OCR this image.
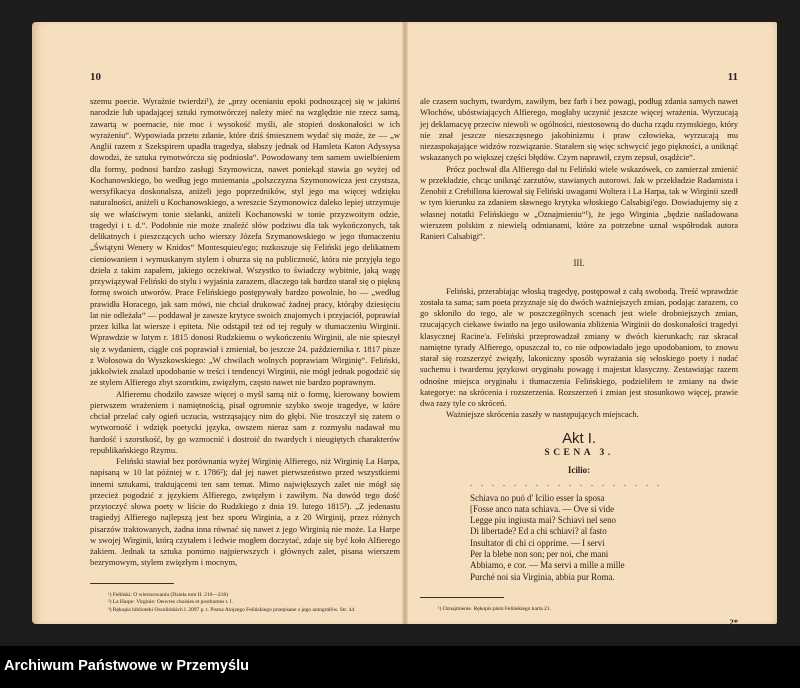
10

szemu poecie. Wyraźnie twierdzi¹), że „przy ocenianiu epoki podnoszącej się w jakimś narodzie lub upadającej sztuki rymotwórczej należy mieć na względzie nie rzecz samą, zawartą w poemacie, nie moc i wysokość myśli, ale stopień doskonałości w ich wyrażeniu“. Wypowiada przeto zdanie, które dziś śmiesznem wydać się może, że — „w Anglii razem z Szekspirem upadła tragedya, słabszy jednak od Hamleta Katon Adyssysa dowodzi, że sztuka rymotwórcza się podniosła“. Powodowany tem samem uwielbieniem dla formy, podnosi bardzo zasługi Szymowicza, nawet poniekąd stawia go wyżej od Kochanowskiego, bo według jego mniemania „polszczyzna Szymonowicza jest czystsza, wersyfikacya doskonalsza, aniżeli jego poprzedników, styl jego ma więcej wdzięku naturalności, aniżeli u Kochanowskiego, a wreszcie Szymonowicz daleko lepiej utrzymuje się we właściwym tonie sielanki, aniżeli Kochanowski w tonie przyzwoitym odzie, tragedyi i t. d.“. Podobnie nie może znaleźć słów podziwu dla tak wykończonych, tak delikatnych i pieszczących ucho wierszy Józefa Szymanowskiego w jego tłumaczeniu „Świątyni Wenery w Knidos“ Montesquieu'ego; rozkoszuje się Feliński jego delikatnem cieniowaniem i wymuskanym stylem i oburza się na publiczność, która nie przyjęła tego dzieła z takim zapałem, jakiego oczekiwał. Wszystko to świadczy wybitnie, jaką wagę przywiązywał Feliński do stylu i wyjaśnia zarazem, dlaczego tak bardzo starał się o piękną formę swoich utworów. Prace Felińskiego postępywały bardzo powolnie, bo — „według prawidła Horacego, jak sam mówi, nie chciał drukować żadnej pracy, którąby dziesięciu lat nie odleżała“ — poddawał je zawsze krytyce swoich znajomych i przyjaciół, poprawiał przez kilka lat wiersze i epiteta. Nie odstąpił też od tej reguły w tłumaczeniu Wirginii. Wprawdzie w lutym r. 1815 donosi Rudzkiemu o wykończeniu Wirginii, ale nie spieszył się z wydaniem, ciągle coś poprawiał i zmieniał, bo jeszcze 24. października r. 1817 pisze z Wołosowa do Wyszkowskiego: „W chwilach wolnych poprawiam Wirginię“. Feliński, jakkolwiek znalazł upodobanie w treści i tendencyi Wirginii, nie mógł jednak pogodzić się ze stylem Alfierego zbyt szorstkim, zwięzłym, często nawet nie bardzo poprawnym.

Alfieremu chodziło zawsze więcej o myśl samą niż o formę, kierowany bowiem pierwszem wrażeniem i namiętnością, pisał ogromnie szybko swoje tragedye, w które chciał przelać cały ogień uczucia, wstrząsający nim do głębi. Nie troszczył się zatem o wytworność i wdzięk poetycki języka, owszem nieraz sam z rozmysłu nadawał mu hardość i szorstkość, by go wzmocnić i dostroić do twardych i nieugiętych charakterów republikańskiego Rzymu.

Feliński stawiał bez porównania wyżej Wirginię Alfierego, niż Wirginię La Harpa, napisaną w 10 lat później w r. 1786²); dał jej nawet pierwszeństwo przed wszystkiemi innemi sztukami, traktującemi ten sam temat. Mimo największych zalet nie mógł się przecież pogodzić z językiem Alfierego, zwięzłym i zawiłym. Na dowód tego dość przytoczyć słowa poety w liście do Rudzkiego z dnia 19. lutego 1815³). „Z jedenastu tragiedyj Alfierego najlepszą jest bez sporu Wirginia, a z 20 Wirginij, przez różnych pisarzów traktowanych, żadna inna równać się nawet z jego Wirginią nie może. La Harpe w swojej Wirginii, którą czytałem i ledwie mogłem doczytać, zdaje się być koło Alfierego żakiem. Jednak ta sztuka pomimo najpierwszych i głównych zalet, pisana wierszem bezrymowym, stylem zwięzłym i mocnym,

¹) Feliński: O wierszowaniu (Dzieła tom II. 210—218)
²) La Harpe: Virginie: Oeuvres choisies et posthumes t. I.
³) Rękopis biblioteki Ossolińskich l. 2097 p. t. Pisma Alojzego Felińskiego przepisane z jego autografów. Str. 44.
11

ale czasem suchym, twardym, zawiłym, bez farb i bez powagi, podług zdania samych nawet Włochów, ubóstwiających Alfierego, mogłaby uczynić jeszcze więcej wrażenia. Wyrzucają jej deklamacyę przeciw niewoli w ogólności, niestosowną do ducha rządu rzymskiego, który nie znał jeszcze nieszczęsnego jakobinizmu i praw człowieka, wyrzucają mu niezaspokajające widzów rozwiązanie. Starałem się więc schwycić jego piękności, a uniknąć wskazanych po większej części błędów. Czym naprawił, czym zepsuł, osądźcie“.

Prócz pochwał dla Alfierego dał tu Feliński wiele wskazówek, co zamierzał zmienić w przekładzie, chcąc uniknąć zarzutów, stawianych autorowi. Jak w przekładzie Radamista i Zenobii z Crebillona kierował się Feliński uwagami Woltera i La Harpa, tak w Wirginii szedł w tym kierunku za zdaniem sławnego krytyka włoskiego Calsabigi'ego. Dowiadujemy się z własnej notatki Felińskiego w „Oznajmieniu“¹), że jego Wirginia „będzie naśladowana wierszem polskim z niewielą odmianami, które za potrzebne uznał współrodak autora Ranieri Calsabigi“.

III.

Feliński, przerabiając włoską tragedyę, postępował z całą swobodą. Treść wprawdzie została ta sama; sam poeta przyznaje się do dwóch ważniejszych zmian, podając zarazem, co go skłoniło do tego, ale w poszczególnych scenach jest wiele drobniejszych zmian, rzucających ciekawe światło na jego usiłowania zbliżenia Wirginii do doskonałości tragedyi klasycznej Racine'a. Feliński przeprowadzał zmiany w dwóch kierunkach; raz skracał namiętne tyrady Alfierego, opuszczał to, co nie odpowiadało jego upodobaniom, to znowu starał się rozszerzyć zwięzły, lakoniczny sposób wyrażania się włoskiego poety i nadać suchemu i twardemu językowi oryginału powagę i majestat klasyczny. Zestawiając razem odnośne miejsca oryginału i tłumaczenia Felińskiego, podzieliłem te zmiany na dwie kategorye: na skrócenia i rozszerzenia. Rozszerzeń i zmian jest stosunkowo więcej, prawie dwa razy tyle co skróceń.

Ważniejsze skrócenia zaszły w następujących miejscach.

Akt I.
SCENA 3.
Icilio:
. . . . . . . . . . . . . . . . . .
Schiava no puó d' Icilio esser la sposa
[Fosse anco nata schiava. — Ove si vide
Legge piu ingiusta mai? Schiavi nel seno
Di libertade? Ed a chi schiavi? al fasto
Insultator di chi ci opprime. — I servi
Per la blebe non son; per noi, che mani
Abbiamo, e cor. — Ma servi a mille a mille
Purché noi sia Virginia, abbia pur Roma.
¹) Oznajmienie. Rękopis pism Felińskiego karta 21.
2*
Archiwum Państwowe w Przemyślu
